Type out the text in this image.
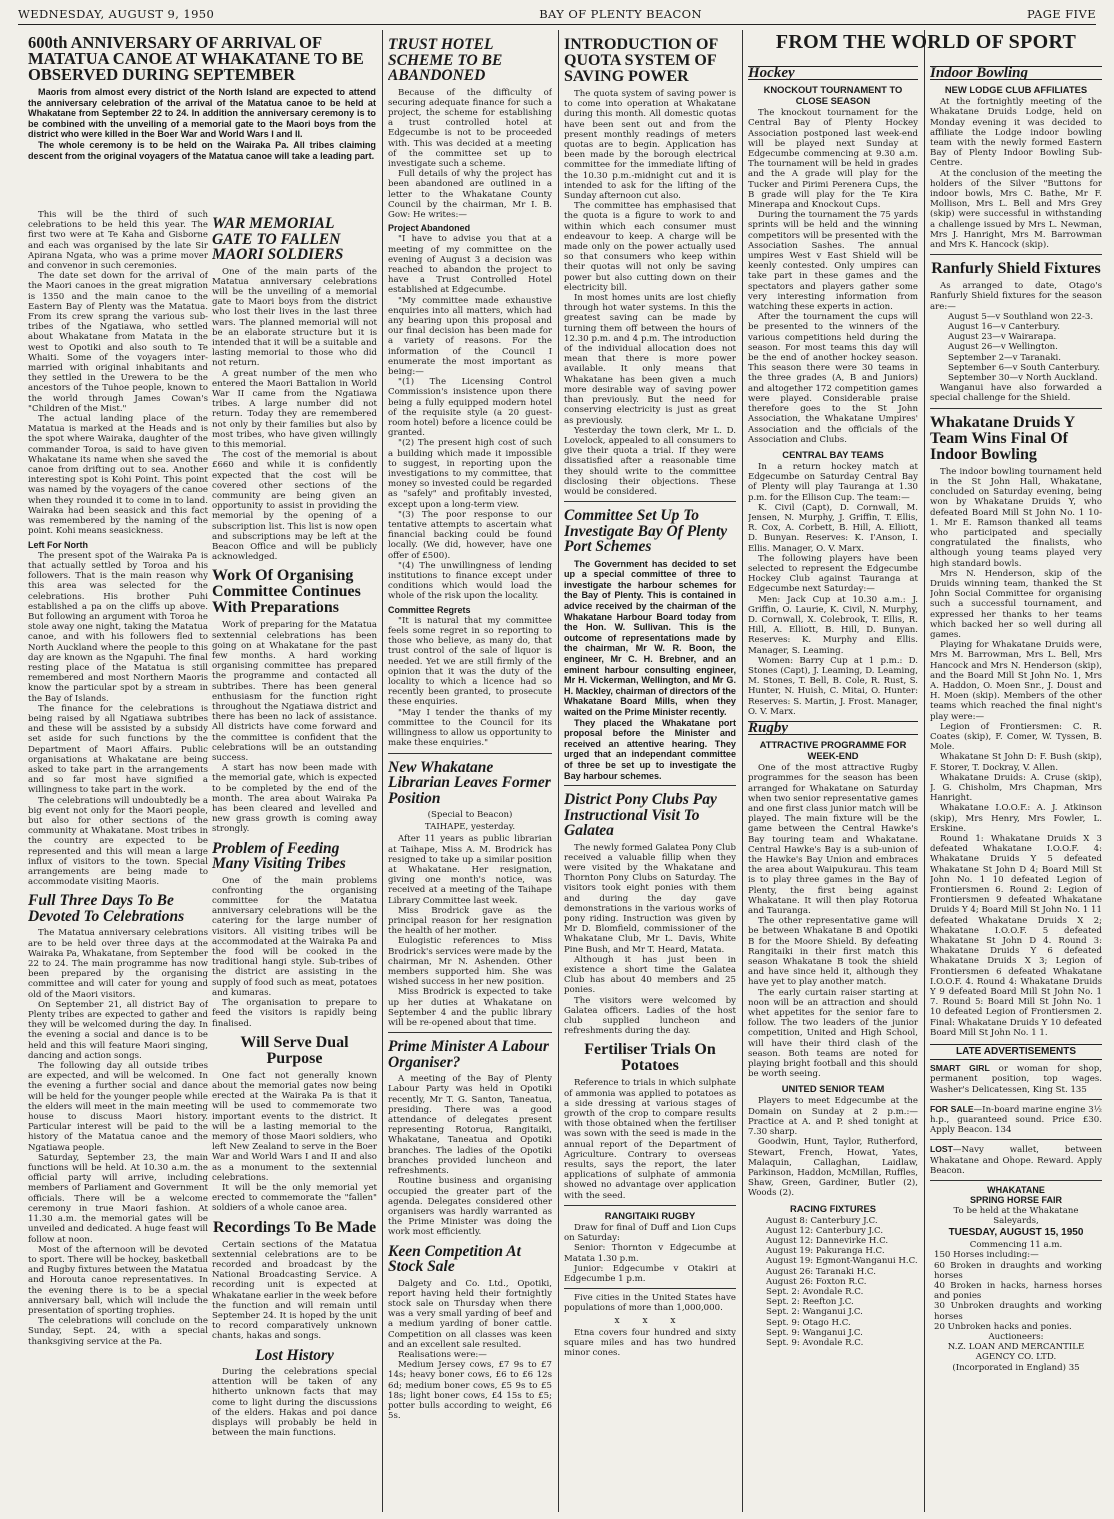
WEDNESDAY, AUGUST 9, 1950	BAY OF PLENTY BEACON	PAGE FIVE
600th ANNIVERSARY OF ARRIVAL OF MATATUA CANOE AT WHAKATANE TO BE OBSERVED DURING SEPTEMBER

Maoris from almost every district of the North Island are expected to attend the anniversary celebration of the arrival of the Matatua canoe to be held at Whakatane from September 22 to 24. In addition the anniversary ceremony is to be combined with the unveiling of a memorial gate to the Maori boys from the district who were killed in the Boer War and World Wars I and II.

The whole ceremony is to be held on the Wairaka Pa. All tribes claiming descent from the original voyagers of the Matatua canoe will take a leading part.

This will be the third of such celebrations to be held this year. The first two were at Te Kaha and Gisborne and each was organised by the late Sir Apirana Ngata, who was a prime mover and convenor in such ceremonies.

The date set down for the arrival of the Maori canoes in the great migration is 1350 and the main canoe to the Eastern Bay of Plenty was the Matatua. From its crew sprang the various sub-tribes of the Ngatiawa, who settled about Whakatane from Matata in the west to Opotiki and also south to Te Whaiti. Some of the voyagers inter-married with original inhabitants and they settled in the Urewera to be the ancestors of the Tuhoe people, known to the world through James Cowan's "Children of the Mist."

The actual landing place of the Matatua is marked at the Heads and is the spot where Wairaka, daughter of the commander Toroa, is said to have given Whakatane its name when she saved the canoe from drifting out to sea. Another interesting spot is Kohi Point. This point was named by the voyagers of the canoe when they rounded it to come in to land. Wairaka had been seasick and this fact was remembered by the naming of the point. Kohi means seasickness.

Left For North

The present spot of the Wairaka Pa is that actually settled by Toroa and his followers. That is the main reason why this area was selected for the celebrations. His brother Puhi established a pa on the cliffs up above. But following an argument with Toroa he stole away one night, taking the Matatua canoe, and with his followers fled to North Auckland where the people to this day are known as the Ngapuhi. The final resting place of the Matatua is still remembered and most Northern Maoris know the particular spot by a stream in the Bay of Islands.

The finance for the celebrations is being raised by all Ngatiawa subtribes and these will be assisted by a subsidy set aside for such functions by the Department of Maori Affairs. Public organisations at Whakatane are being asked to take part in the arrangements and so far most have signified a willingness to take part in the work.

The celebrations will undoubtedly be a big event not only for the Maori people, but also for other sections of the community at Whakatane. Most tribes in the country are expected to be represented and this will mean a large influx of visitors to the town. Special arrangements are being made to accommodate visiting Maoris.

Full Three Days To Be Devoted To Celebrations

The Matatua anniversary celebrations are to be held over three days at the Wairaka Pa, Whakatane, from September 22 to 24. The main programme has now been prepared by the organising committee and will cater for young and old of the Maori visitors.

On September 21, all district Bay of Plenty tribes are expected to gather and they will be welcomed during the day. In the evening a social and dance is to be held and this will feature Maori singing, dancing and action songs.

The following day all outside tribes are expected, and will be welcomed. In the evening a further social and dance will be held for the younger people while the elders will meet in the main meeting house to discuss Maori history. Particular interest will be paid to the history of the Matatua canoe and the Ngatiawa people.

Saturday, September 23, the main functions will be held. At 10.30 a.m. the official party will arrive, including members of Parliament and Government officials. There will be a welcome ceremony in true Maori fashion. At 11.30 a.m. the memorial gates will be unveiled and dedicated. A huge feast will follow at noon.

Most of the afternoon will be devoted to sport. There will be hockey, basketball and Rugby fixtures between the Matatua and Horouta canoe representatives. In the evening there is to be a special anniversary ball, which will include the presentation of sporting trophies.

The celebrations will conclude on the Sunday, Sept. 24, with a special thanksgiving service at the Pa.

WAR MEMORIAL GATE TO FALLEN MAORI SOLDIERS

One of the main parts of the Matatua anniversary celebrations will be the unveiling of a memorial gate to Maori boys from the district who lost their lives in the last three wars. The planned memorial will not be an elaborate structure but it is intended that it will be a suitable and lasting memorial to those who did not return.

A great number of the men who entered the Maori Battalion in World War II came from the Ngatiawa tribes. A large number did not return. Today they are remembered not only by their families but also by most tribes, who have given willingly to this memorial.

The cost of the memorial is about £660 and while it is confidently expected that the cost will be covered other sections of the community are being given an opportunity to assist in providing the memorial by the opening of a subscription list. This list is now open and subscriptions may be left at the Beacon Office and will be publicly acknowledged.

Work Of Organising Committee Continues With Preparations

Work of preparing for the Matatua sextennial celebrations has been going on at Whakatane for the past few months. A hard working organising committee has prepared the programme and contacted all subtribes. There has been general enthusiasm for the function right throughout the Ngatiawa district and there has been no lack of assistance. All districts have come forward and the committee is confident that the celebrations will be an outstanding success.

A start has now been made with the memorial gate, which is expected to be completed by the end of the month. The area about Wairaka Pa has been cleared and levelled and new grass growth is coming away strongly.

Problem of Feeding Many Visiting Tribes

One of the main problems confronting the organising committee for the Matatua anniversary celebrations will be the catering for the large number of visitors. All visiting tribes will be accommodated at the Wairaka Pa and the food will be cooked in the traditional hangi style. Sub-tribes of the district are assisting in the supply of food such as meat, potatoes and kumaras.

The organisation to prepare to feed the visitors is rapidly being finalised.

Will Serve Dual Purpose

One fact not generally known about the memorial gates now being erected at the Wairaka Pa is that it will be used to commemorate two important events to the district. It will be a lasting memorial to the memory of those Maori soldiers, who left New Zealand to serve in the Boer War and World Wars I and II and also as a monument to the sextennial celebrations.

It will be the only memorial yet erected to commemorate the "fallen" soldiers of a whole canoe area.

Recordings To Be Made

Certain sections of the Matatua sextennial celebrations are to be recorded and broadcast by the National Broadcasting Service. A recording unit is expected at Whakatane earlier in the week before the function and will remain until September 24. It is hoped by the unit to record comparatively unknown chants, hakas and songs.

Lost History

During the celebrations special attention will be taken of any hitherto unknown facts that may come to light during the discussions of the elders. Hakas and poi dance displays will probably be held in between the main functions.

TRUST HOTEL SCHEME TO BE ABANDONED

Because of the difficulty of securing adequate finance for such a project, the scheme for establishing a trust controlled hotel at Edgecumbe is not to be proceeded with. This was decided at a meeting of the committee set up to investigate such a scheme.

Full details of why the project has been abandoned are outlined in a letter to the Whakatane County Council by the chairman, Mr I. B. Gow: He writes:—

Project Abandoned

"I have to advise you that at a meeting of my committee on the evening of August 3 a decision was reached to abandon the project to have a Trust Controlled Hotel established at Edgecumbe.

"My committee made exhaustive enquiries into all matters, which had any bearing upon this proposal and our final decision has been made for a variety of reasons. For the information of the Council I enumerate the most important as being:—

"(1) The Licensing Control Commission's insistence upon there being a fully equipped modern hotel of the requisite style (a 20 guest-room hotel) before a licence could be granted.

"(2) The present high cost of such a building which made it impossible to suggest, in reporting upon the investigations to my committee, that money so invested could be regarded as "safely" and profitably invested, except upon a long-term view.

"(3) The poor response to our tentative attempts to ascertain what financial backing could be found locally. (We did, however, have one offer of £500).

"(4) The unwillingness of lending institutions to finance except under conditions which would load the whole of the risk upon the locality.

Committee Regrets

"It is natural that my committee feels some regret in so reporting to those who believe, as many do, that trust control of the sale of liquor is needed. Yet we are still firmly of the opinion that it was the duty of the locality to which a licence had so recently been granted, to prosecute these enquiries.

"May I tender the thanks of my committee to the Council for its willingness to allow us opportunity to make these enquiries."

New Whakatane Librarian Leaves Former Position
(Special to Beacon)
TAIHAPE, yesterday.

After 11 years as public librarian at Taihape, Miss A. M. Brodrick has resigned to take up a similar position at Whakatane. Her resignation, giving one month's notice, was received at a meeting of the Taihape Library Committee last week.

Miss Brodrick gave as the principal reason for her resignation the health of her mother.

Eulogistic references to Miss Brodrick's services were made by the chairman, Mr N. Ashenden. Other members supported him. She was wished success in her new position.

Miss Brodrick is expected to take up her duties at Whakatane on September 4 and the public library will be re-opened about that time.

Prime Minister A Labour Organiser?

A meeting of the Bay of Plenty Labour Party was held in Opotiki recently, Mr T. G. Santon, Taneatua, presiding. There was a good attendance of delegates present representing Rotorua, Rangitaiki, Whakatane, Taneatua and Opotiki branches. The ladies of the Opotiki branches provided luncheon and refreshments.

Routine business and organising occupied the greater part of the agenda. Delegates considered other organisers was hardly warranted as the Prime Minister was doing the work most efficiently.

Keen Competition At Stock Sale

Dalgety and Co. Ltd., Opotiki, report having held their fortnightly stock sale on Thursday when there was a very small yarding of beef and a medium yarding of boner cattle. Competition on all classes was keen and an excellent sale resulted.

Realisations were:—

Medium Jersey cows, £7 9s to £7 14s; heavy boner cows, £6 to £6 12s 6d; medium boner cows, £5 9s to £5 18s; light boner cows, £4 15s to £5; potter bulls according to weight, £6 5s.

INTRODUCTION OF QUOTA SYSTEM OF SAVING POWER

The quota system of saving power is to come into operation at Whakatane during this month. All domestic quotas have been sent out and from the present monthly readings of meters quotas are to begin. Application has been made by the borough electrical committee for the immediate lifting of the 10.30 p.m.-midnight cut and it is intended to ask for the lifting of the Sunday afternoon cut also.

The committee has emphasised that the quota is a figure to work to and within which each consumer must endeavour to keep. A charge will be made only on the power actually used so that consumers who keep within their quotas will not only be saving power but also cutting down on their electricity bill.

In most homes units are lost chiefly through hot water systems. In this the greatest saving can be made by turning them off between the hours of 12.30 p.m. and 4 p.m. The introduction of the individual allocation does not mean that there is more power available. It only means that Whakatane has been given a much more desirable way of saving power than previously. But the need for conserving electricity is just as great as previously.

Yesterday the town clerk, Mr L. D. Lovelock, appealed to all consumers to give their quota a trial. If they were dissatisfied after a reasonable time they should write to the committee disclosing their objections. These would be considered.

Committee Set Up To Investigate Bay Of Plenty Port Schemes

The Government has decided to set up a special committee of three to investigate the harbour schemes for the Bay of Plenty. This is contained in advice received by the chairman of the Whakatane Harbour Board today from the Hon. W. Sullivan. This is the outcome of representations made by the chairman, Mr W. R. Boon, the engineer, Mr C. H. Brebner, and an eminent harbour consulting engineer, Mr H. Vickerman, Wellington, and Mr G. H. Mackley, chairman of directors of the Whakatane Board Mills, when they waited on the Prime Minister recently.

They placed the Whakatane port proposal before the Minister and received an attentive hearing. They urged that an independant committee of three be set up to investigate the Bay harbour schemes.

District Pony Clubs Pay Instructional Visit To Galatea

The newly formed Galatea Pony Club received a valuable fillip when they were visited by the Whakatane and Thornton Pony Clubs on Saturday. The visitors took eight ponies with them and during the day gave demonstrations in the various works of pony riding. Instruction was given by Mr D. Blomfield, commissioner of the Whakatane Club, Mr L. Davis, White Pine Bush, and Mr T. Heard, Matata.

Although it has just been in existence a short time the Galatea Club has about 40 members and 25 ponies.

The visitors were welcomed by Galatea officers. Ladies of the host club supplied luncheon and refreshments during the day.

Fertiliser Trials On Potatoes

Reference to trials in which sulphate of ammonia was applied to potatoes as a side dressing at various stages of growth of the crop to compare results with those obtained when the fertiliser was sown with the seed is made in the annual report of the Department of Agriculture. Contrary to overseas results, says the report, the later applications of sulphate of ammonia showed no advantage over application with the seed.

RANGITAIKI RUGBY

Draw for final of Duff and Lion Cups on Saturday:

Senior: Thornton v Edgecumbe at Matata 1.30 p.m.

Junior: Edgecumbe v Otakiri at Edgecumbe 1 p.m.

Five cities in the United States have populations of more than 1,000,000.

x x x

Etna covers four hundred and sixty square miles and has two hundred minor cones.

FROM THE WORLD OF SPORT
Hockey
KNOCKOUT TOURNAMENT TO CLOSE SEASON

The knockout tournament for the Central Bay of Plenty Hockey Association postponed last week-end will be played next Sunday at Edgecumbe commencing at 9.30 a.m. The tournament will be held in grades and the A grade will play for the Tucker and Pirimi Perenera Cups, the B grade will play for the Te Kira Minerapa and Knockout Cups.

During the tournament the 75 yards sprints will be held and the winning competitors will be presented with the Association Sashes. The annual umpires West v East Shield will be keenly contested. Only umpires can take part in these games and the spectators and players gather some very interesting information from watching these experts in action.

After the tournament the cups will be presented to the winners of the various competitions held during the season. For most teams this day will be the end of another hockey season. This season there were 30 teams in the three grades (A, B and Juniors) and altogether 172 competition games were played. Considerable praise therefore goes to the St John Association, the Whakatane Umpires' Association and the officials of the Association and Clubs.

CENTRAL BAY TEAMS

In a return hockey match at Edgecumbe on Saturday Central Bay of Plenty will play Tauranga at 1.30 p.m. for the Ellison Cup. The team:—

K. Civil (Capt), D. Cornwall, M. Jensen, N. Murphy, J. Griffin, T. Ellis, R. Cox, A. Corbett, B. Hill, A. Elliott, D. Bunyan. Reserves: K. I'Anson, I. Ellis. Manager, O. V. Marx.

The following players have been selected to represent the Edgecumbe Hockey Club against Tauranga at Edgecumbe next Saturday:—

Men: Jack Cup at 10.30 a.m.: J. Griffin, O. Laurie, K. Civil, N. Murphy, D. Cornwall, X. Colebrook, T. Ellis, R. Hill, A. Elliott, B. Hill, D. Bunyan. Reserves: K. Murphy and Ellis. Manager, S. Leaming.

Women: Barry Cup at 1 p.m.: D. Stones (Capt), J. Leaming, D. Leaming, M. Stones, T. Bell, B. Cole, R. Rust, S. Hunter, N. Huish, C. Mitai, O. Hunter: Reserves: S. Martin, J. Frost. Manager, O. V. Marx.

Rugby
ATTRACTIVE PROGRAMME FOR WEEK-END

One of the most attractive Rugby programmes for the season has been arranged for Whakatane on Saturday when two senior representative games and one first class junior match will be played. The main fixture will be the game between the Central Hawke's Bay touring team and Whakatane. Central Hawke's Bay is a sub-union of the Hawke's Bay Union and embraces the area about Waipukurau. This team is to play three games in the Bay of Plenty, the first being against Whakatane. It will then play Rotorua and Tauranga.

The other representative game will be between Whakatane B and Opotiki B for the Moore Shield. By defeating Rangitaiki in their first match this season Whakatane B took the shield and have since held it, although they have yet to play another match.

The early curtain raiser starting at noon will be an attraction and should whet appetites for the senior fare to follow. The two leaders of the junior competition, United and High School, will have their third clash of the season. Both teams are noted for playing bright football and this should be worth seeing.

UNITED SENIOR TEAM

Players to meet Edgecumbe at the Domain on Sunday at 2 p.m.:— Practice at A. and P. shed tonight at 7.30 sharp.

Goodwin, Hunt, Taylor, Rutherford, Stewart, French, Howat, Yates, Malaquin, Callaghan, Laidlaw, Parkinson, Haddon, McMillan, Ruffles, Shaw, Green, Gardiner, Butler (2), Woods (2).

RACING FIXTURES

August 8: Canterbury J.C.

August 12: Canterbury J.C.

August 12: Dannevirke H.C.

August 19: Pakuranga H.C.

August 19: Egmont-Wanganui H.C.

August 26: Taranaki H.C.

August 26: Foxton R.C.

Sept. 2: Avondale R.C.

Sept. 2: Reefton J.C.

Sept. 2: Wanganui J.C.

Sept. 9: Otago H.C.

Sept. 9: Wanganui J.C.

Sept. 9: Avondale R.C.

Indoor Bowling
NEW LODGE CLUB AFFILIATES

At the fortnightly meeting of the Whakatane Druids Lodge, held on Monday evening it was decided to affiliate the Lodge indoor bowling team with the newly formed Eastern Bay of Plenty Indoor Bowling Sub-Centre.

At the conclusion of the meeting the holders of the Silver "Buttons for indoor bowls, Mrs C. Bathe, Mr F. Mollison, Mrs L. Bell and Mrs Grey (skip) were successful in withstanding a challenge issued by Mrs L. Newman, Mrs J. Hanright, Mrs M. Barrowman and Mrs K. Hancock (skip).

Ranfurly Shield Fixtures

As arranged to date, Otago's Ranfurly Shield fixtures for the season are:—

August 5—v Southland won 22-3.

August 16—v Canterbury.

August 23—v Wairarapa.

August 26—v Wellington.

September 2—v Taranaki.

September 6—v South Canterbury.

September 30—v North Auckland.

Wanganui have also forwarded a special challenge for the Shield.

Whakatane Druids Y Team Wins Final Of Indoor Bowling

The indoor bowling tournament held in the St John Hall, Whakatane, concluded on Saturday evening, being won by Whakatane Druids Y, who defeated Board Mill St John No. 1 10-1. Mr E. Ramson thanked all teams who participated and specially congratulated the finalists, who although young teams played very high standard bowls.

Mrs N. Henderson, skip of the Druids winning team, thanked the St John Social Committee for organising such a successful tournament, and expressed her thanks to her teams which backed her so well during all games.

Playing for Whakatane Druids were, Mrs M. Barrowman, Mrs L. Bell, Mrs Hancock and Mrs N. Henderson (skip), and the Board Mill St John No. 1, Mrs A. Haddon, O. Moen Snr., J. Doust and H. Moen (skip). Members of the other teams which reached the final night's play were:—

Legion of Frontiersmen: C. R. Coates (skip), F. Comer, W. Tyssen, B. Mole.

Whakatane St John D: F. Bush (skip), F. Storer, T. Dockray, V. Allen.

Whakatane Druids: A. Cruse (skip), J. G. Chisholm, Mrs Chapman, Mrs Hanright.

Whakatane I.O.O.F.: A. J. Atkinson (skip), Mrs Henry, Mrs Fowler, L. Erskine.

Round 1: Whakatane Druids X 3 defeated Whakatane I.O.O.F. 4: Whakatane Druids Y 5 defeated Whakatane St John D 4; Board Mill St John No. 1 10 defeated Legion of Frontiersmen 6. Round 2: Legion of Frontiersmen 9 defeated Whakatane Druids Y 4; Board Mill St John No. 1 11 defeated Whakatane Druids X 2; Whakatane I.O.O.F. 5 defeated Whakatane St John D 4. Round 3: Whakatane Druids Y 6 defeated Whakatane Druids X 3; Legion of Frontiersmen 6 defeated Whakatane I.O.O.F. 4. Round 4: Whakatane Druids Y 9 defeated Board Mill St John No. 1 7. Round 5: Board Mill St John No. 1 10 defeated Legion of Frontiersmen 2. Final: Whakatane Druids Y 10 defeated Board Mill St John No. 1 1.

LATE ADVERTISEMENTS

SMART GIRL or woman for shop, permanent position, top wages. Washer's Delicatessen, King St. 135

FOR SALE—In-board marine engine 3½ h.p., guaranteed sound. Price £30. Apply Beacon. 134

LOST—Navy wallet, between Whakatane and Ohope. Reward. Apply Beacon.

WHAKATANE
SPRING HORSE FAIR

To be held at the Whakatane Saleyards,

TUESDAY, AUGUST 15, 1950

Commencing 11 a.m.

150 Horses including:—

60 Broken in draughts and working horses

40 Broken in hacks, harness horses and ponies

30 Unbroken draughts and working horses

20 Unbroken hacks and ponies.

Auctioneers:

N.Z. LOAN AND MERCANTILE AGENCY CO. LTD.

(Incorporated in England) 35
